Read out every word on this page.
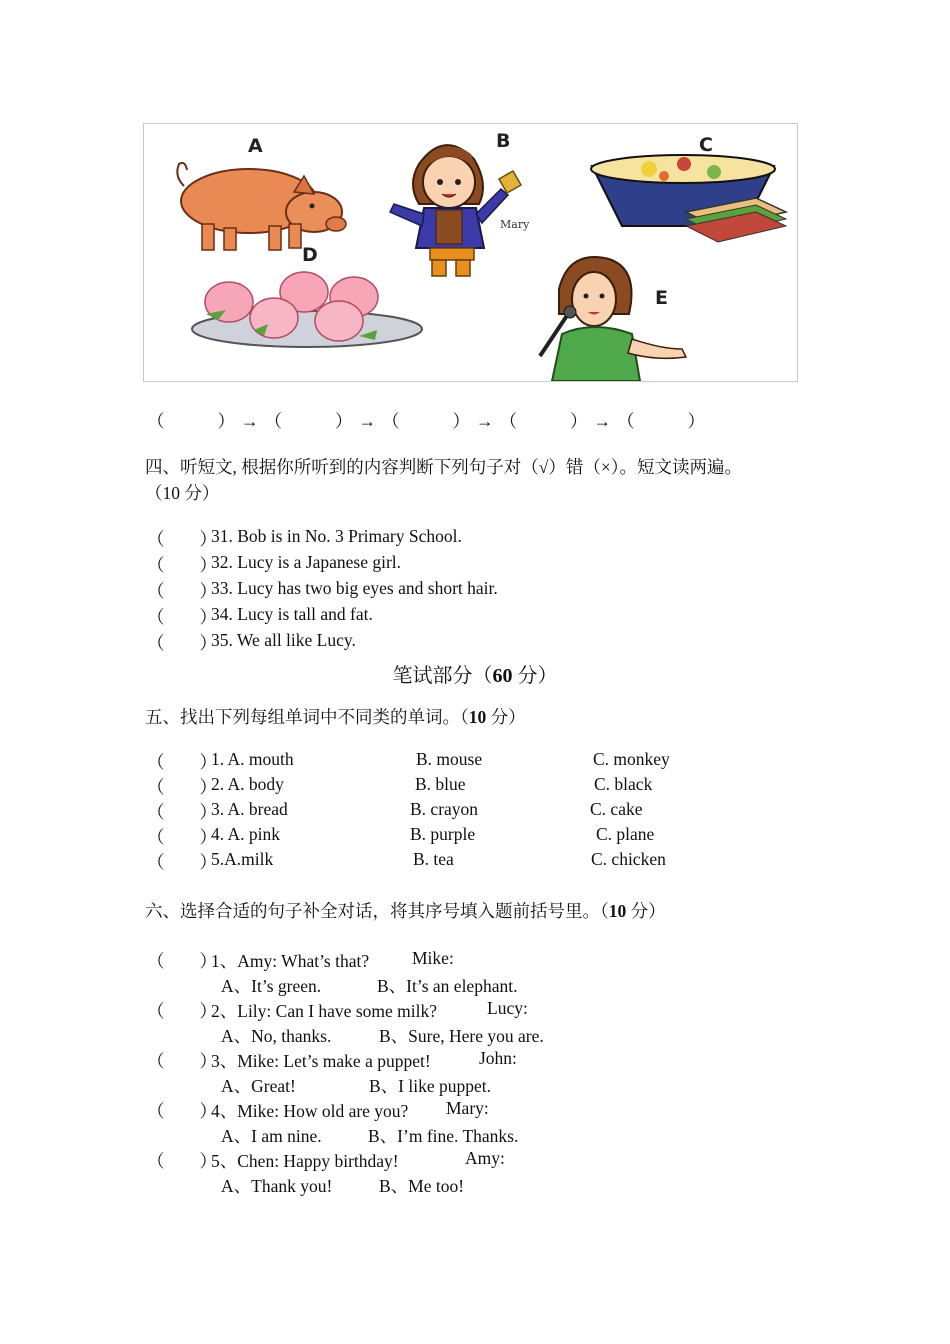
Mary
A	B	C
D
E
（　　）→（　　）→（　　）→（　　）→（　　）
四、听短文, 根据你所听到的内容判断下列句子对（√）错（×）。短文读两遍。
（10 分）
（　　）
31. Bob is in No. 3 Primary School.
（　　）
32. Lucy is a Japanese girl.
（　　）
33. Lucy has two big eyes and short hair.
（　　）
34. Lucy is tall and fat.
（　　）
35. We all like Lucy.
笔试部分（60 分）
五、找出下列每组单词中不同类的单词。（10 分）
（　　）
1. A. mouth	B. mouse	C. monkey
（　　）
2. A. body	B. blue	C. black
（　　）
3. A. bread	B. crayon	C. cake
（　　）
4. A. pink	B. purple	C. plane
（　　）
5.A.milk	B. tea	C. chicken
六、选择合适的句子补全对话，将其序号填入题前括号里。（10 分）
（　　）
1、Amy: What’s that? Mike:
A、It’s green.	B、It’s an elephant.
（　　）
2、Lily: Can I have some milk?	Lucy:
A、No, thanks.	B、Sure, Here you are.
（　　）
3、Mike: Let’s make a puppet!	John:
A、Great!	B、I like puppet.
（　　）
4、Mike: How old are you? Mary:
A、I am nine.	B、I’m fine. Thanks.
（　　）
5、Chen: Happy birthday!	Amy:
A、Thank you!	B、Me too!
